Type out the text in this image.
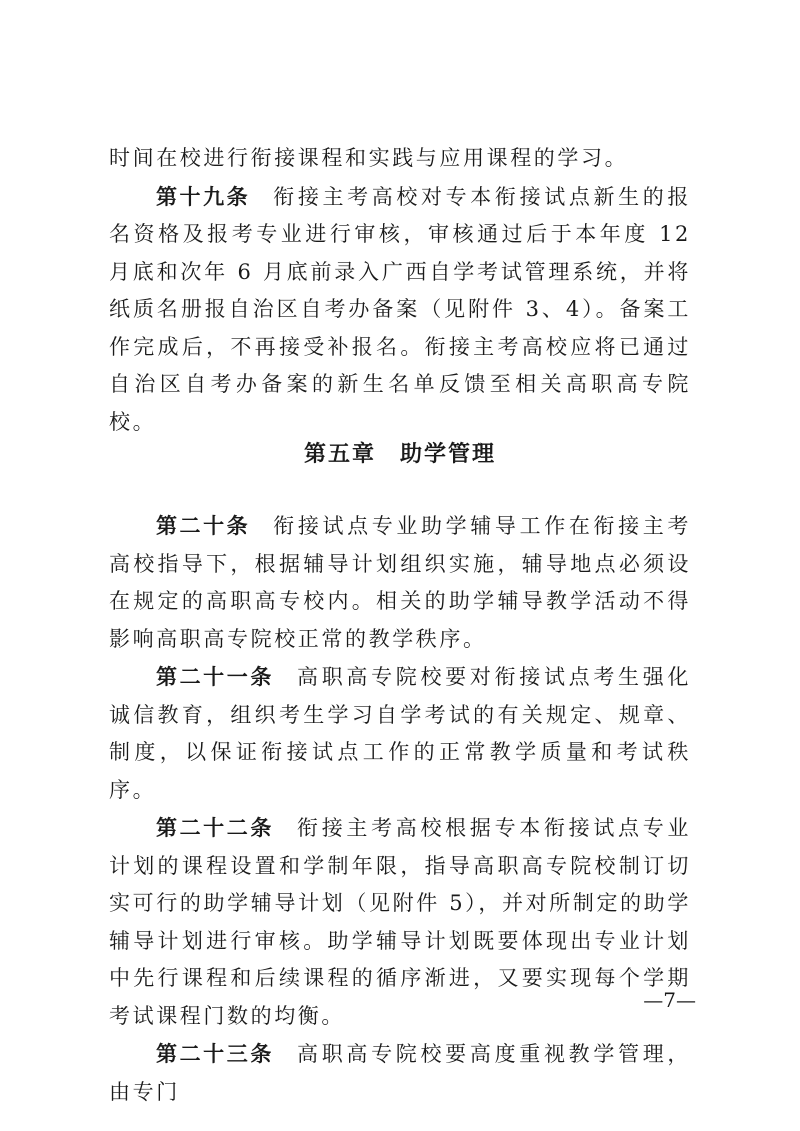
时间在校进行衔接课程和实践与应用课程的学习。

第十九条 衔接主考高校对专本衔接试点新生的报名资格及报考专业进行审核，审核通过后于本年度 12 月底和次年 6 月底前录入广西自学考试管理系统，并将纸质名册报自治区自考办备案（见附件 3、4）。备案工作完成后，不再接受补报名。衔接主考高校应将已通过自治区自考办备案的新生名单反馈至相关高职高专院校。

第五章 助学管理

第二十条 衔接试点专业助学辅导工作在衔接主考高校指导下，根据辅导计划组织实施，辅导地点必须设在规定的高职高专校内。相关的助学辅导教学活动不得影响高职高专院校正常的教学秩序。

第二十一条 高职高专院校要对衔接试点考生强化诚信教育，组织考生学习自学考试的有关规定、规章、制度，以保证衔接试点工作的正常教学质量和考试秩序。

第二十二条 衔接主考高校根据专本衔接试点专业计划的课程设置和学制年限，指导高职高专院校制订切实可行的助学辅导计划（见附件 5），并对所制定的助学辅导计划进行审核。助学辅导计划既要体现出专业计划中先行课程和后续课程的循序渐进，又要实现每个学期考试课程门数的均衡。

第二十三条 高职高专院校要高度重视教学管理，由专门

—7—
